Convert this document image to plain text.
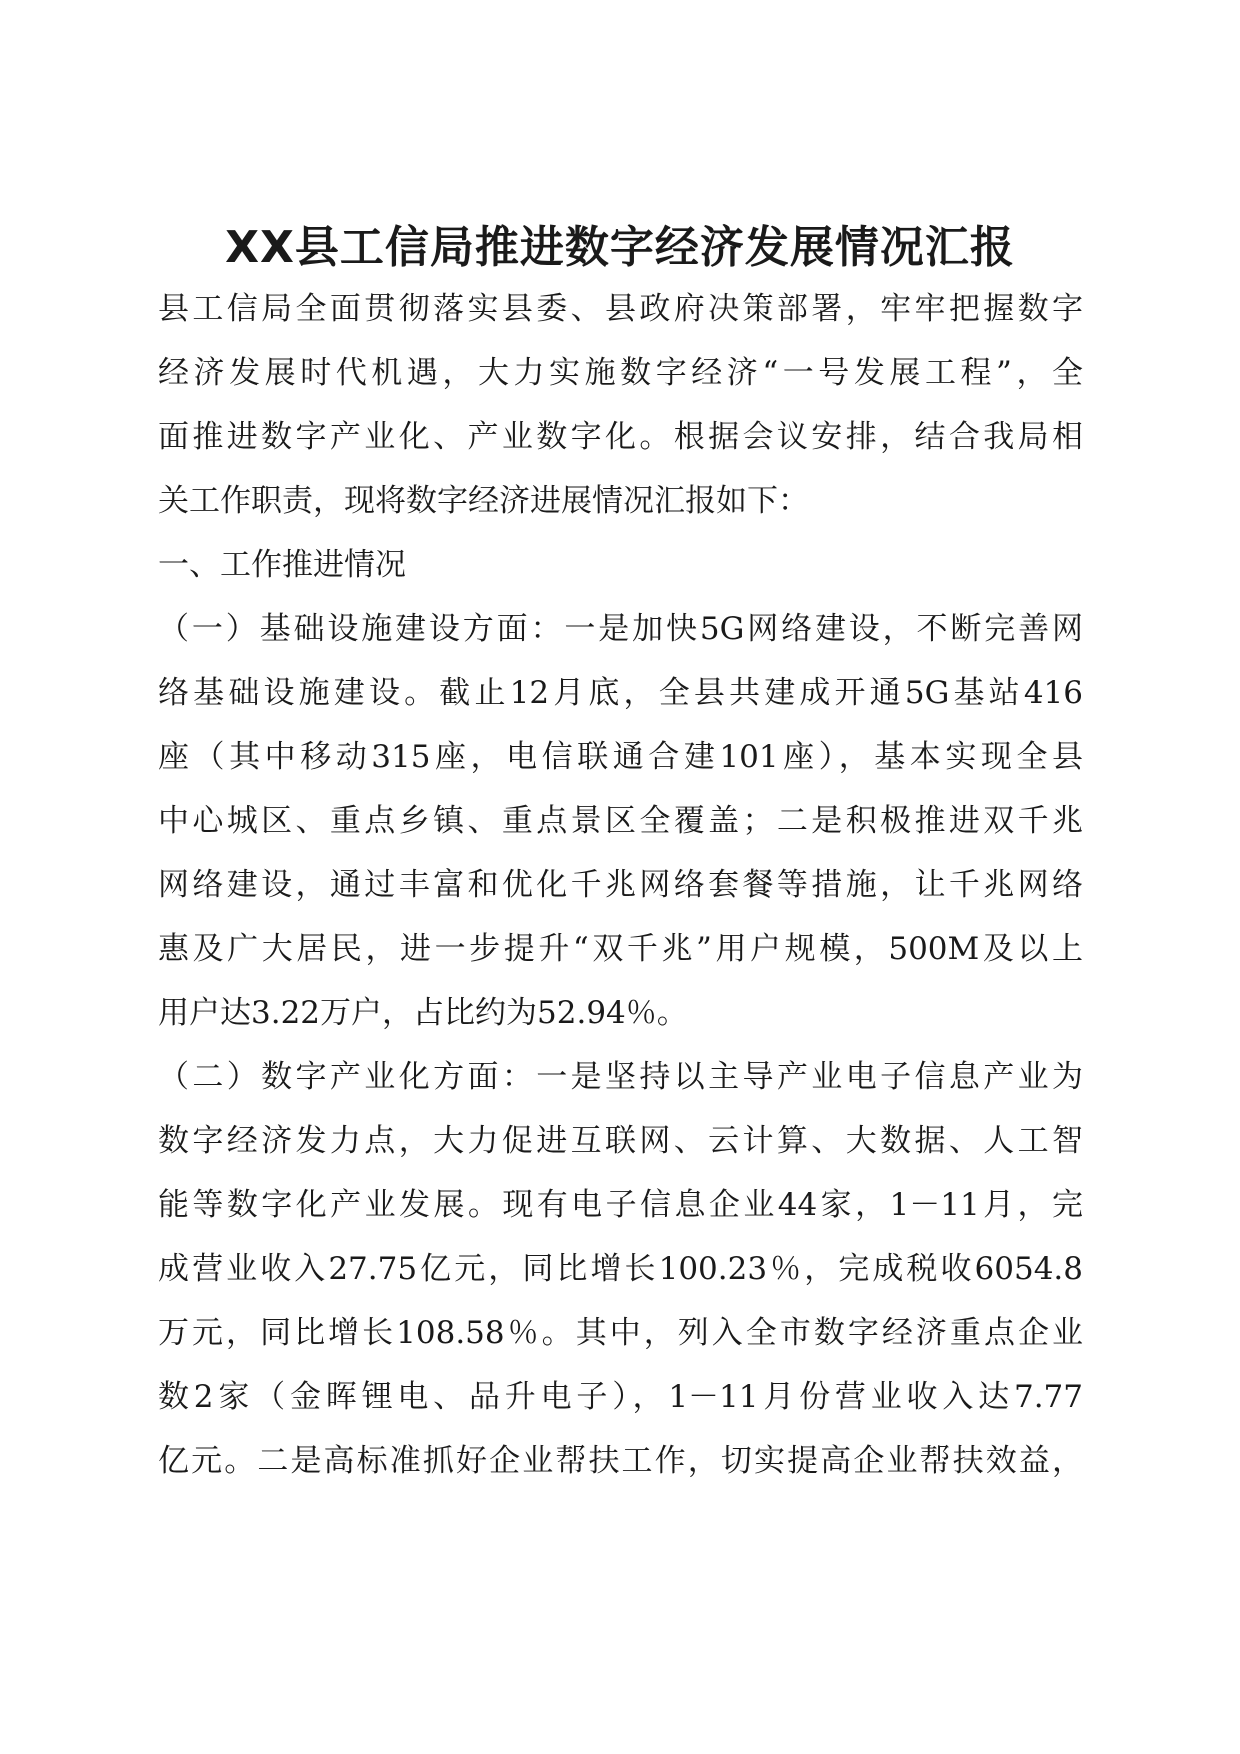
XX县工信局推进数字经济发展情况汇报

县工信局全面贯彻落实县委、县政府决策部署，牢牢把握数字

经济发展时代机遇，大力实施数字经济“一号发展工程”，全

面推进数字产业化、产业数字化。根据会议安排，结合我局相

关工作职责，现将数字经济进展情况汇报如下：

一、工作推进情况

（一）基础设施建设方面：一是加快5G网络建设，不断完善网

络基础设施建设。截止12月底，全县共建成开通5G基站416

座（其中移动315座，电信联通合建101座），基本实现全县

中心城区、重点乡镇、重点景区全覆盖；二是积极推进双千兆

网络建设，通过丰富和优化千兆网络套餐等措施，让千兆网络

惠及广大居民，进一步提升“双千兆”用户规模，500M及以上

用户达3.22万户，占比约为52.94％。

（二）数字产业化方面：一是坚持以主导产业电子信息产业为

数字经济发力点，大力促进互联网、云计算、大数据、人工智

能等数字化产业发展。现有电子信息企业44家，1－11月，完

成营业收入27.75亿元，同比增长100.23％，完成税收6054.8

万元，同比增长108.58％。其中，列入全市数字经济重点企业

数2家（金晖锂电、品升电子），1－11月份营业收入达7.77

亿元。二是高标准抓好企业帮扶工作，切实提高企业帮扶效益，
